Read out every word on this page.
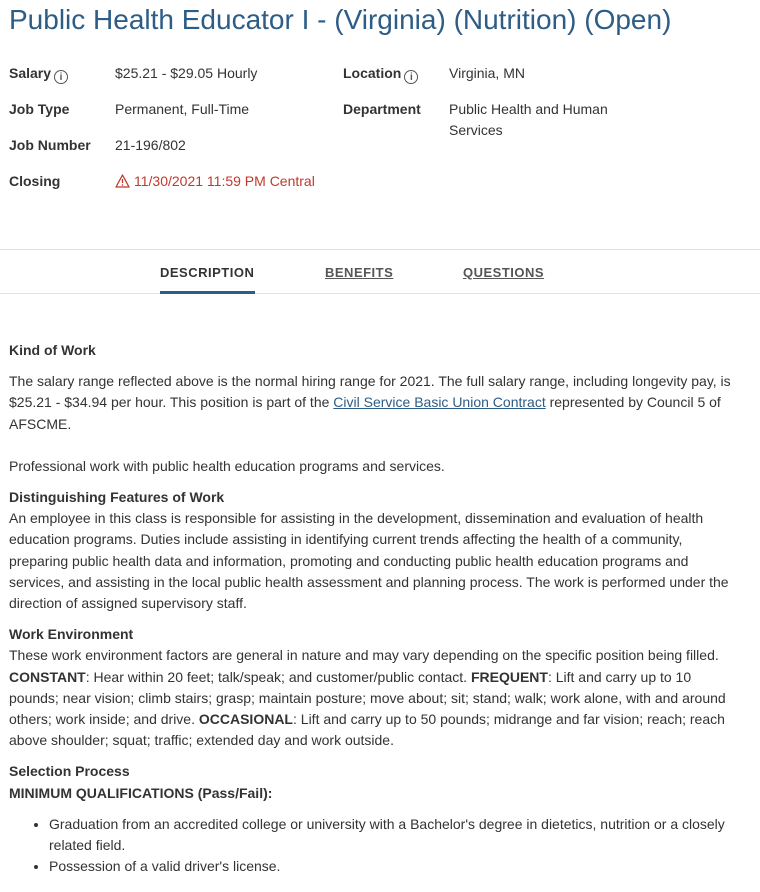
Public Health Educator I - (Virginia) (Nutrition) (Open)
Salary i	$25.21 - $29.05 Hourly	Location i	Virginia, MN
Job Type	Permanent, Full-Time	Department Public Health and Human
Services
Job Number 21-196/802
Closing	11/30/2021 11:59 PM Central
DESCRIPTION	BENEFITS	QUESTIONS

Kind of Work

The salary range reflected above is the normal hiring range for 2021. The full salary range, including longevity pay, is $25.21 - $34.94 per hour. This position is part of the Civil Service Basic Union Contract represented by Council 5 of AFSCME.

Professional work with public health education programs and services.

Distinguishing Features of Work

An employee in this class is responsible for assisting in the development, dissemination and evaluation of health education programs. Duties include assisting in identifying current trends affecting the health of a community, preparing public health data and information, promoting and conducting public health education programs and services, and assisting in the local public health assessment and planning process. The work is performed under the direction of assigned supervisory staff.

Work Environment

These work environment factors are general in nature and may vary depending on the specific position being filled. CONSTANT: Hear within 20 feet; talk/speak; and customer/public contact. FREQUENT: Lift and carry up to 10 pounds; near vision; climb stairs; grasp; maintain posture; move about; sit; stand; walk; work alone, with and around others; work inside; and drive. OCCASIONAL: Lift and carry up to 50 pounds; midrange and far vision; reach; reach above shoulder; squat; traffic; extended day and work outside.

Selection Process

MINIMUM QUALIFICATIONS (Pass/Fail):

• Graduation from an accredited college or university with a Bachelor's degree in dietetics, nutrition or a closely related field.
• Possession of a valid driver's license.
